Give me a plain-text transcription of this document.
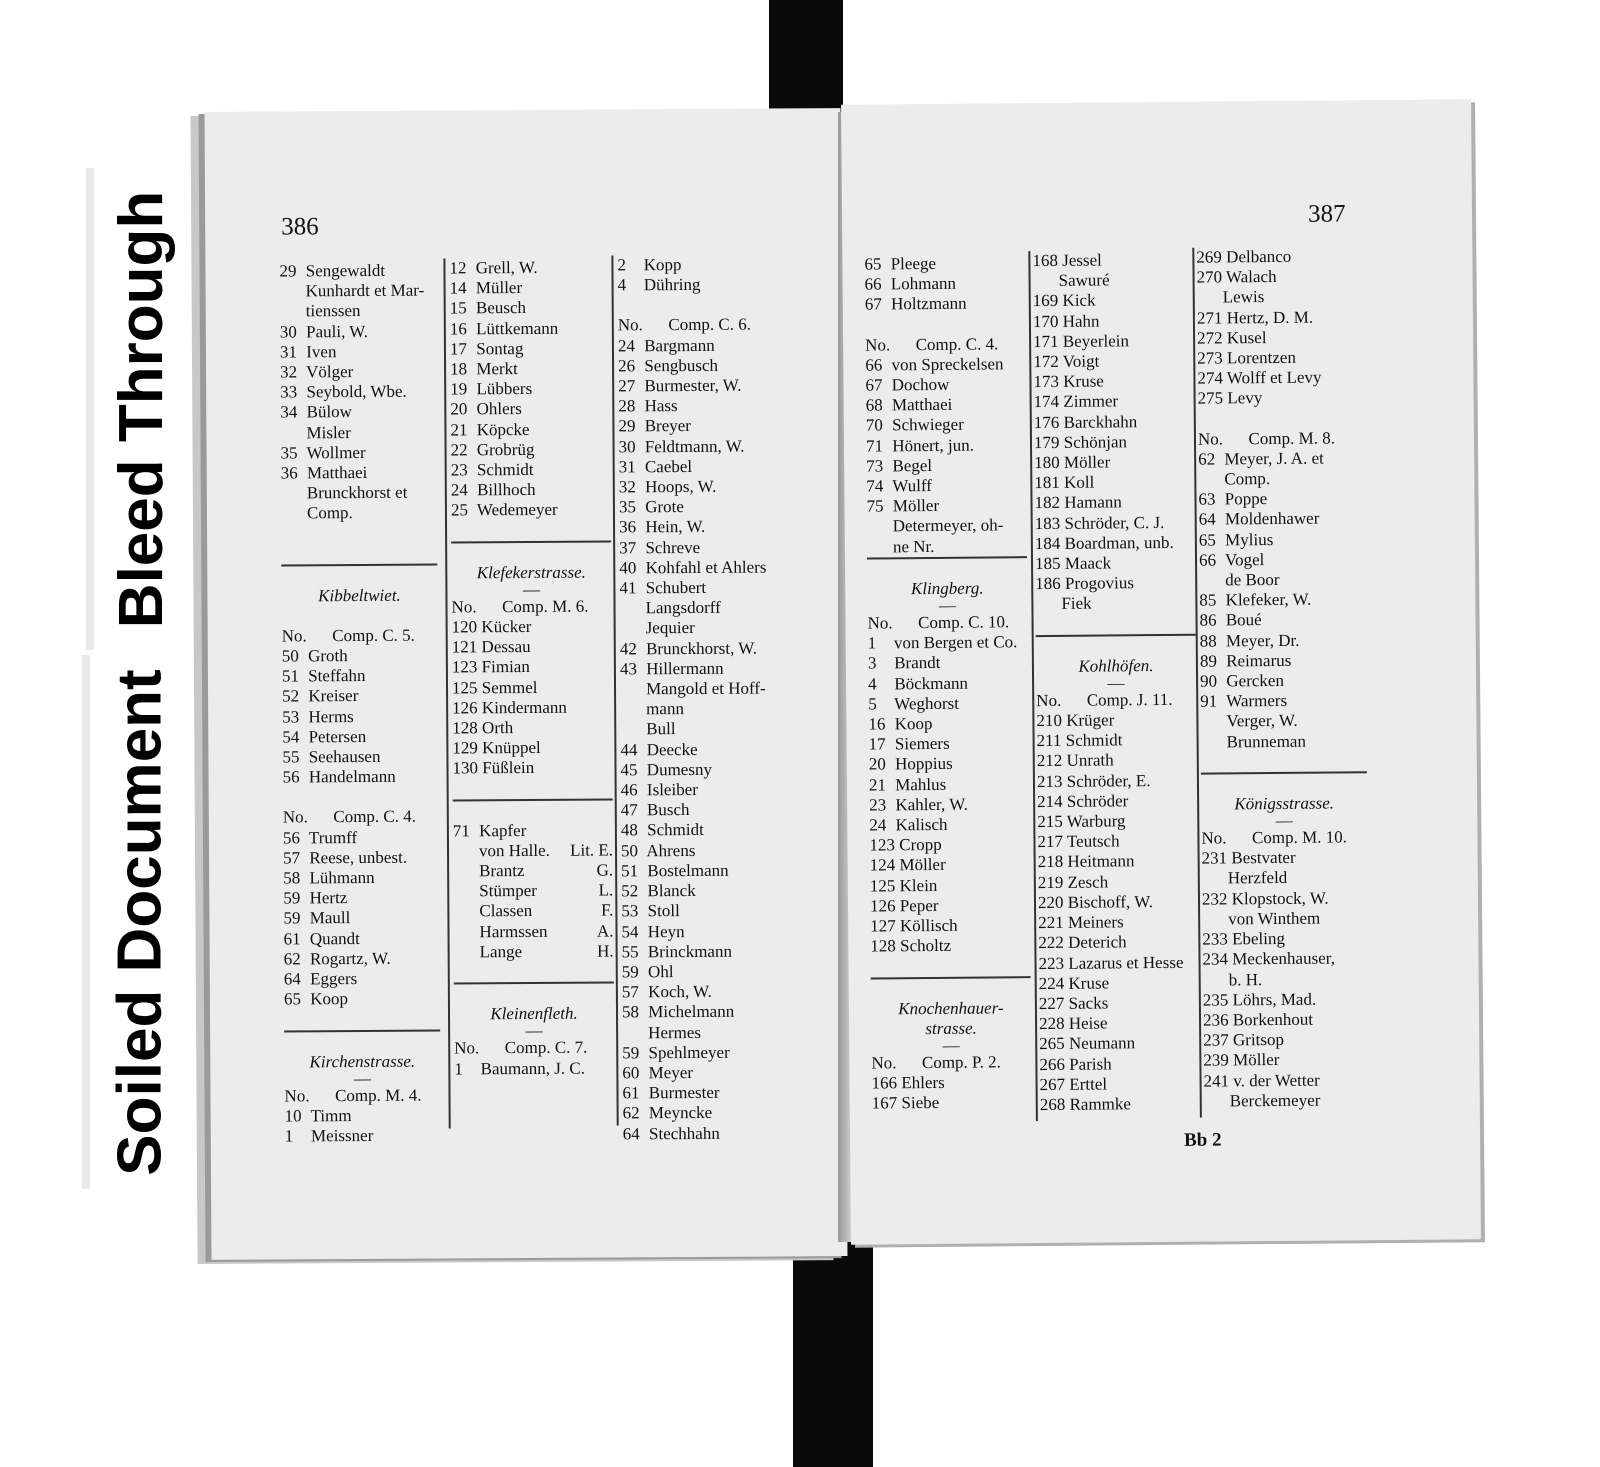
Bleed Through
Soiled Document
386
29 Sengewaldt
Kunhardt et Mar-
tienssen
30 Pauli, W.
31 Iven
32 Völger
33 Seybold, Wbe.
34 Bülow
Misler
35 Wollmer
36 Matthaei
Brunckhorst et
Comp.
Kibbeltwiet.
No.   Comp. C. 5.
50 Groth
51 Steffahn
52 Kreiser
53 Herms
54 Petersen
55 Seehausen
56 Handelmann
No.   Comp. C. 4.
56 Trumff
57 Reese, unbest.
58 Lühmann
59 Hertz
59 Maull
61 Quandt
62 Rogartz, W.
64 Eggers
65 Koop
Kirchenstrasse.
—
No.   Comp. M. 4.
10 Timm
1 Meissner
12 Grell, W.
14 Müller
15 Beusch
16 Lüttkemann
17 Sontag
18 Merkt
19 Lübbers
20 Ohlers
21 Köpcke
22 Grobrüg
23 Schmidt
24 Billhoch
25 Wedemeyer
Klefekerstrasse.
—
No.   Comp. M. 6.
120 Kücker
121 Dessau
123 Fimian
125 Semmel
126 Kindermann
128 Orth
129 Knüppel
130 Füßlein
71 Kapfer
von Halle. Lit. E.
Brantz	G.
Stümper	L.
Classen	F.
Harmssen	A.
Lange	H.
Kleinenfleth.
—
No.   Comp. C. 7.
1 Baumann, J. C.
2 Kopp
4 Dühring
No.   Comp. C. 6.
24 Bargmann
26 Sengbusch
27 Burmester, W.
28 Hass
29 Breyer
30 Feldtmann, W.
31 Caebel
32 Hoops, W.
35 Grote
36 Hein, W.
37 Schreve
40 Kohfahl et Ahlers
41 Schubert
Langsdorff
Jequier
42 Brunckhorst, W.
43 Hillermann
Mangold et Hoff-
mann
Bull
44 Deecke
45 Dumesny
46 Isleiber
47 Busch
48 Schmidt
50 Ahrens
51 Bostelmann
52 Blanck
53 Stoll
54 Heyn
55 Brinckmann
59 Ohl
57 Koch, W.
58 Michelmann
Hermes
59 Spehlmeyer
60 Meyer
61 Burmester
62 Meyncke
64 Stechhahn
387
65 Pleege
66 Lohmann
67 Holtzmann
No.   Comp. C. 4.
66 von Spreckelsen
67 Dochow
68 Matthaei
70 Schwieger
71 Hönert, jun.
73 Begel
74 Wulff
75 Möller
Determeyer, oh-
ne Nr.
Klingberg.
—
No.   Comp. C. 10.
1 von Bergen et Co.
3 Brandt
4 Böckmann
5 Weghorst
16 Koop
17 Siemers
20 Hoppius
21 Mahlus
23 Kahler, W.
24 Kalisch
123 Cropp
124 Möller
125 Klein
126 Peper
127 Köllisch
128 Scholtz
Knochenhauer-
strasse.
—
No.   Comp. P. 2.
166 Ehlers
167 Siebe
168 Jessel
Sawuré
169 Kick
170 Hahn
171 Beyerlein
172 Voigt
173 Kruse
174 Zimmer
176 Barckhahn
179 Schönjan
180 Möller
181 Koll
182 Hamann
183 Schröder, C. J.
184 Boardman, unb.
185 Maack
186 Progovius
Fiek
Kohlhöfen.
—
No.   Comp. J. 11.
210 Krüger
211 Schmidt
212 Unrath
213 Schröder, E.
214 Schröder
215 Warburg
217 Teutsch
218 Heitmann
219 Zesch
220 Bischoff, W.
221 Meiners
222 Deterich
223 Lazarus et Hesse
224 Kruse
227 Sacks
228 Heise
265 Neumann
266 Parish
267 Erttel
268 Rammke
269 Delbanco
270 Walach
Lewis
271 Hertz, D. M.
272 Kusel
273 Lorentzen
274 Wolff et Levy
275 Levy
No.   Comp. M. 8.
62 Meyer, J. A. et
Comp.
63 Poppe
64 Moldenhawer
65 Mylius
66 Vogel
de Boor
85 Klefeker, W.
86 Boué
88 Meyer, Dr.
89 Reimarus
90 Gercken
91 Warmers
Verger, W.
Brunneman
Königsstrasse.
—
No.   Comp. M. 10.
231 Bestvater
Herzfeld
232 Klopstock, W.
von Winthem
233 Ebeling
234 Meckenhauser,
b. H.
235 Löhrs, Mad.
236 Borkenhout
237 Gritsop
239 Möller
241 v. der Wetter
Berckemeyer
Bb 2
